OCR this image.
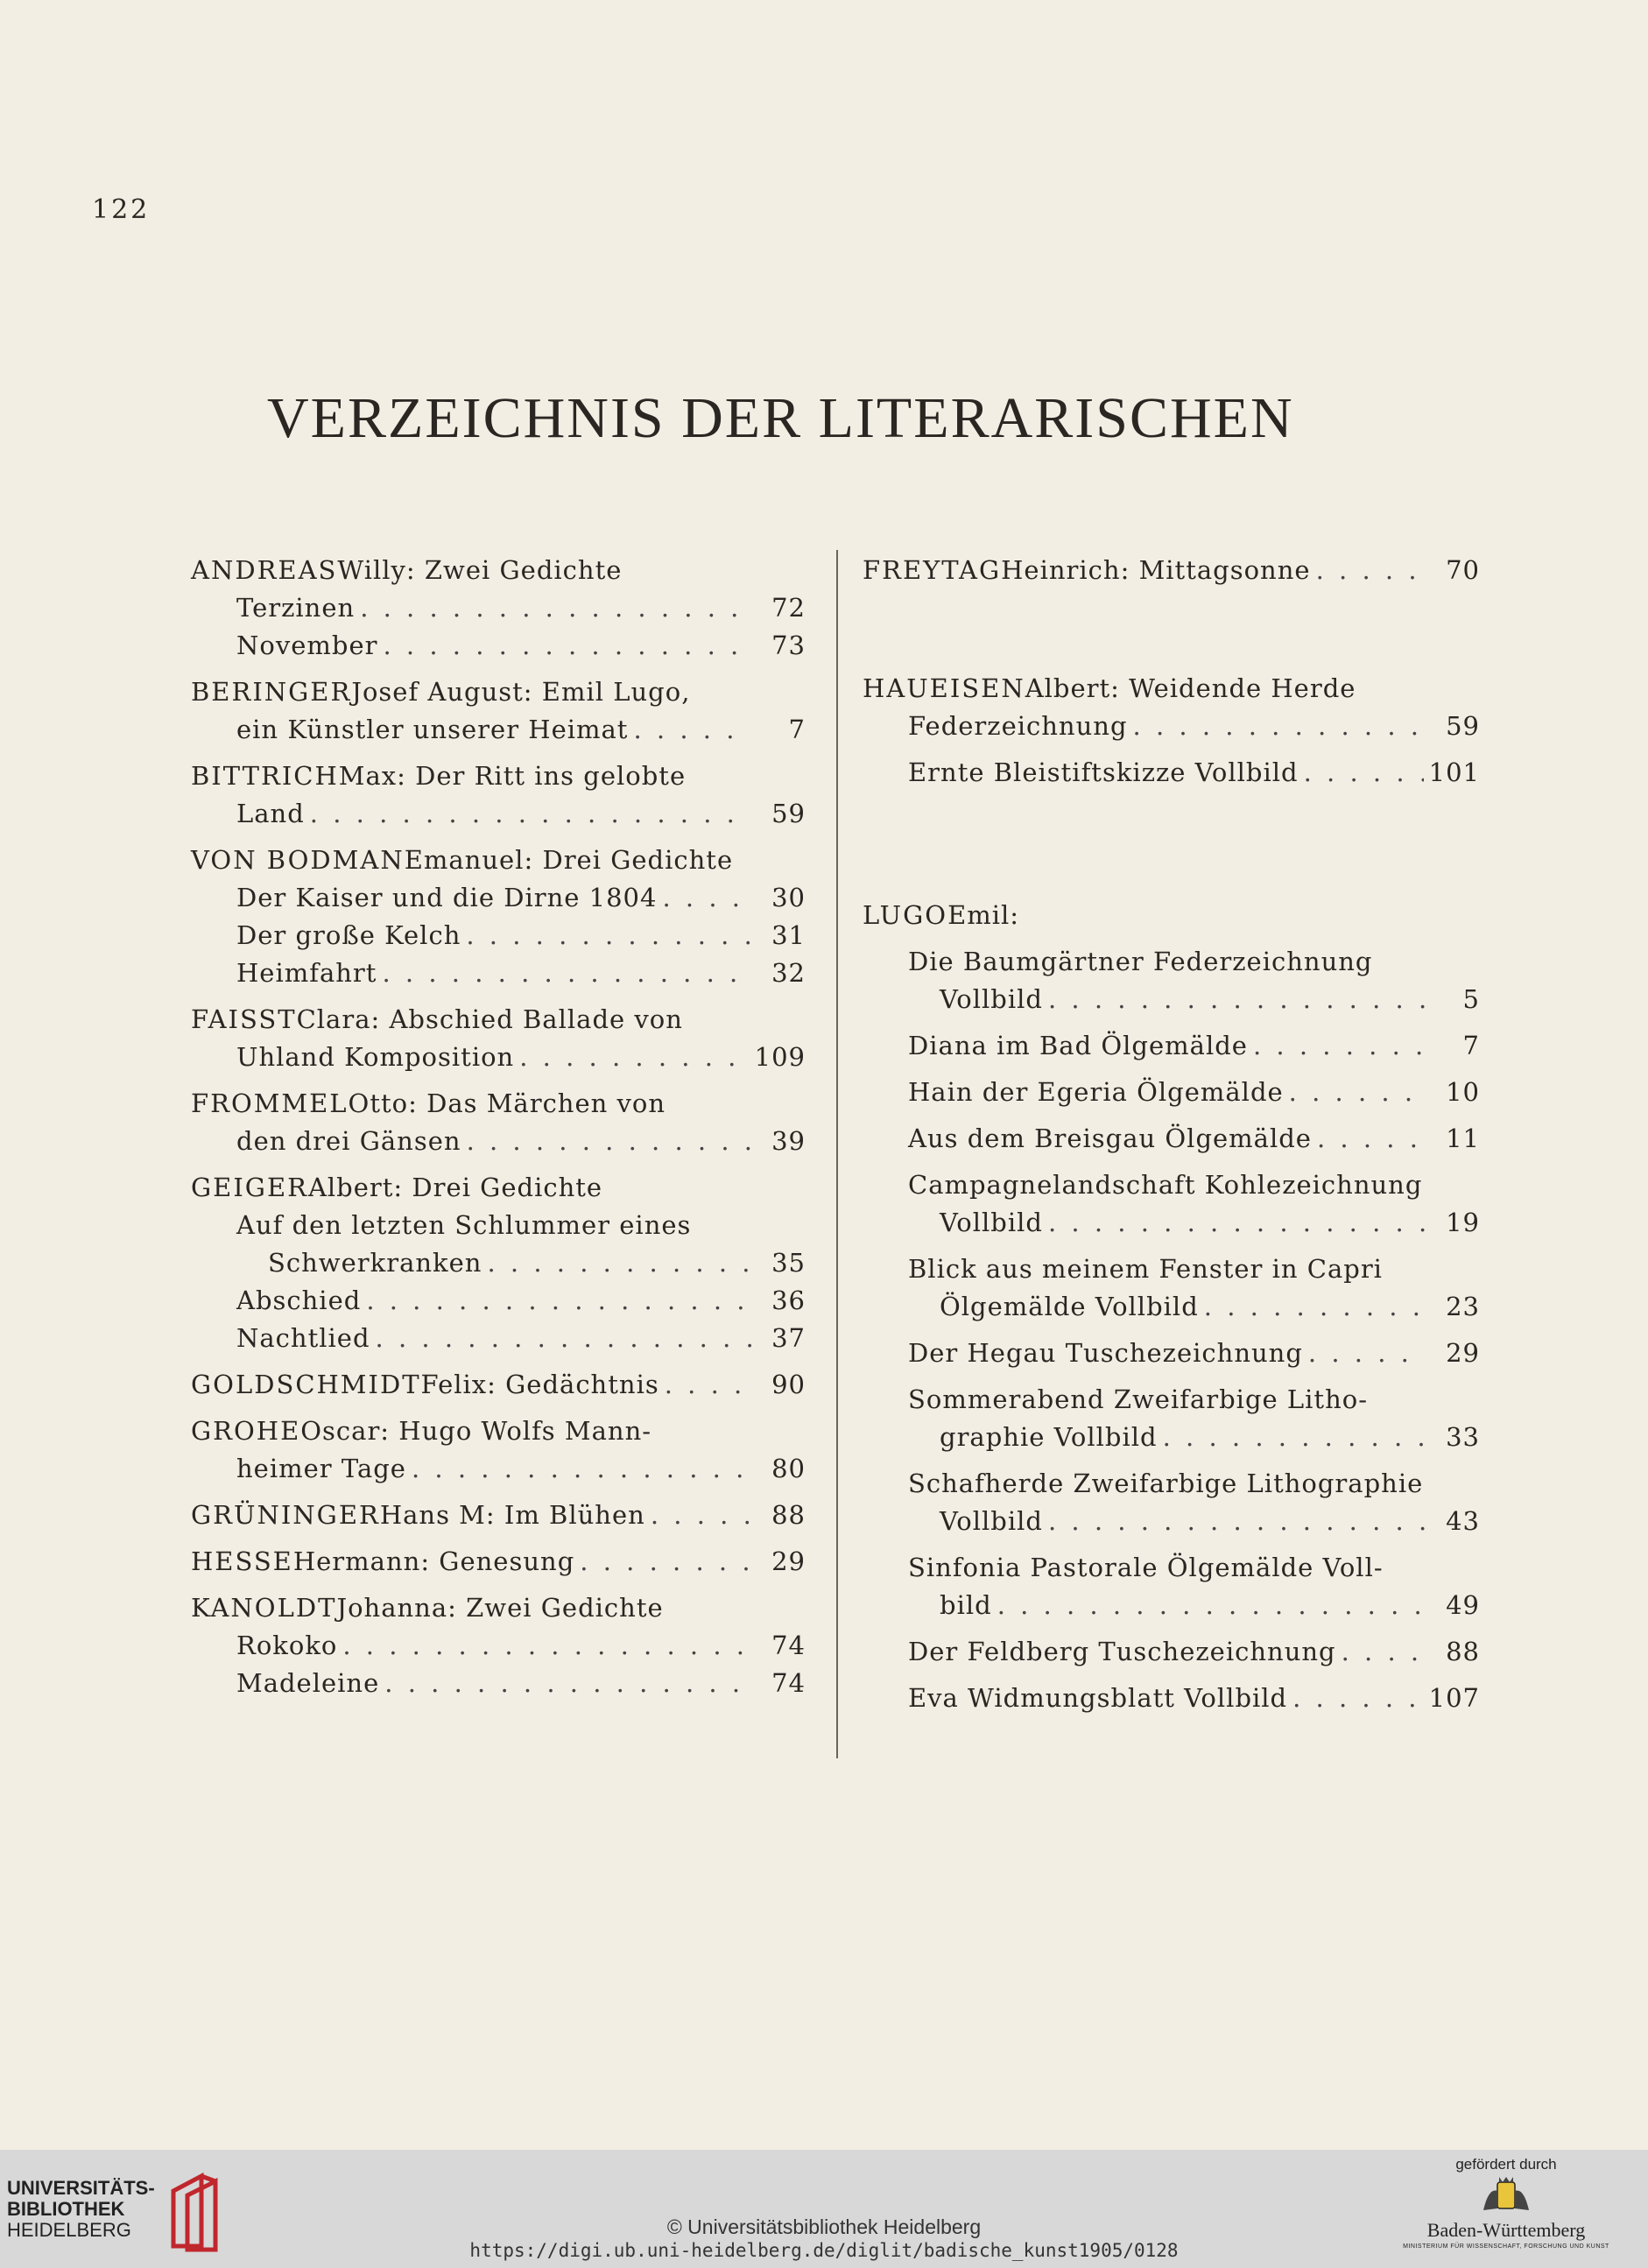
122
VERZEICHNIS DER LITERARISCHEN
ANDREAS Willy: Zwei Gedichte
Terzinen . . .	72
November . . .	73
BERINGER Josef August: Emil Lugo,
ein Künstler unserer Heimat . . .	7
BITTRICH Max: Der Ritt ins gelobte
Land . . .	59
VON BODMAN Emanuel: Drei Gedichte
Der Kaiser und die Dirne 1804 . . .	30
Der große Kelch . . .	31
Heimfahrt . . .	32
FAISST Clara: Abschied Ballade von
Uhland Komposition . . .	109
FROMMEL Otto: Das Märchen von
den drei Gänsen . . .	39
GEIGER Albert: Drei Gedichte
Auf den letzten Schlummer eines
Schwerkranken . . .	35
Abschied . . .	36
Nachtlied . . .	37
GOLDSCHMIDT Felix: Gedächtnis . . .	90
GROHE Oscar: Hugo Wolfs Mann-
heimer Tage . . .	80
GRÜNINGER Hans M: Im Blühen . . .	88
HESSE Hermann: Genesung . . .	29
KANOLDT Johanna: Zwei Gedichte
Rokoko . . .	74
Madeleine . . .	74
FREYTAG Heinrich: Mittagsonne . . .	70
HAUEISEN Albert: Weidende Herde
Federzeichnung . . .	59
Ernte Bleistiftskizze Vollbild . . .	101
LUGO Emil:
Die Baumgärtner Federzeichnung
Vollbild . . .	5
Diana im Bad Ölgemälde . . .	7
Hain der Egeria Ölgemälde . . .	10
Aus dem Breisgau Ölgemälde . . .	11
Campagnelandschaft Kohlezeichnung
Vollbild . . .	19
Blick aus meinem Fenster in Capri
Ölgemälde Vollbild . . .	23
Der Hegau Tuschezeichnung . . .	29
Sommerabend Zweifarbige Litho-
graphie Vollbild . . .	33
Schafherde Zweifarbige Lithographie
Vollbild . . .	43
Sinfonia Pastorale Ölgemälde Voll-
bild . . .	49
Der Feldberg Tuschezeichnung . . .	88
Eva Widmungsblatt Vollbild . . .	107
UNIVERSITÄTS-
BIBLIOTHEK
HEIDELBERG	© Universitätsbibliothek Heidelberg
https://digi.ub.uni-heidelberg.de/diglit/badische_kunst1905/0128
gefördert durch
Baden-Württemberg
MINISTERIUM FÜR WISSENSCHAFT, FORSCHUNG UND KUNST
